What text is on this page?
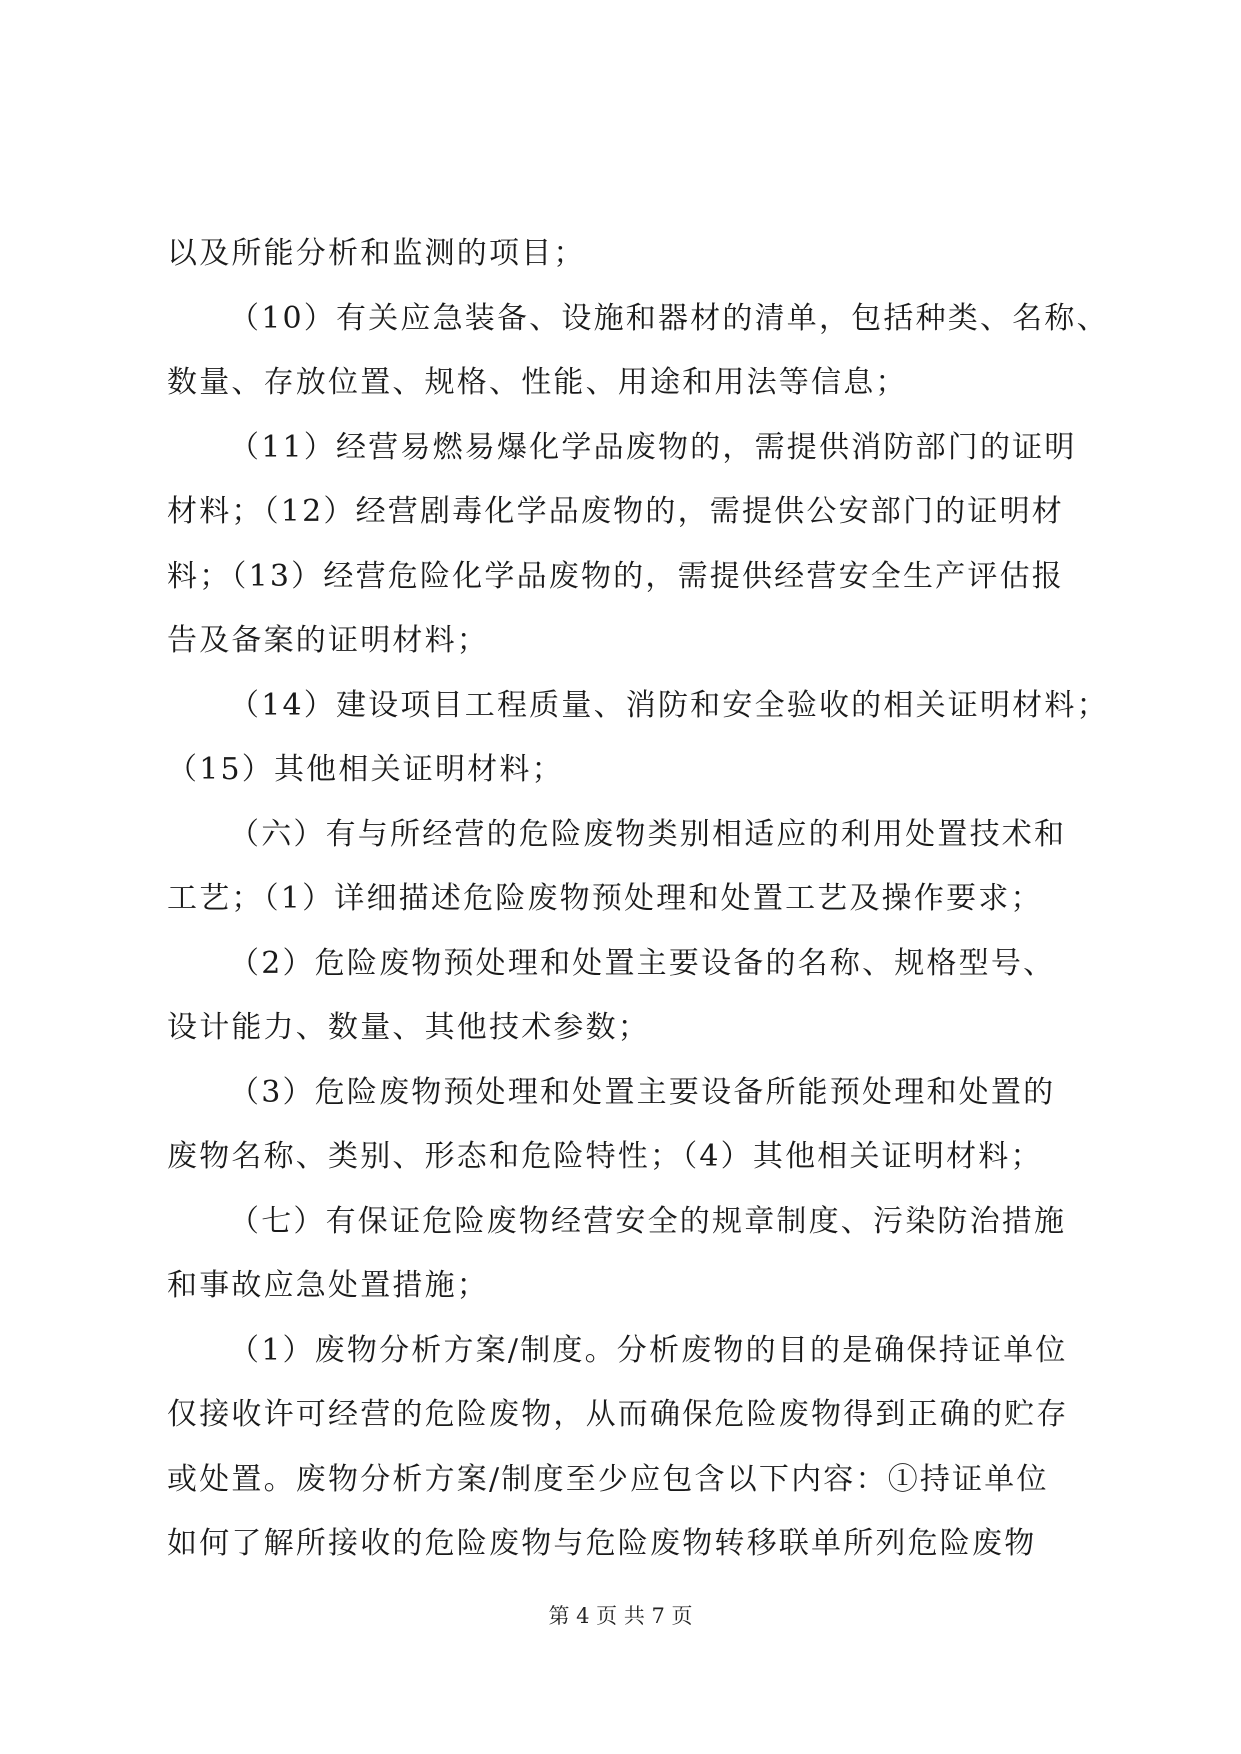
以及所能分析和监测的项目；
（10）有关应急装备、设施和器材的清单，包括种类、名称、
数量、存放位置、规格、性能、用途和用法等信息；
（11）经营易燃易爆化学品废物的，需提供消防部门的证明
材料；（12）经营剧毒化学品废物的，需提供公安部门的证明材
料；（13）经营危险化学品废物的，需提供经营安全生产评估报
告及备案的证明材料；
（14）建设项目工程质量、消防和安全验收的相关证明材料；
（15）其他相关证明材料；
（六）有与所经营的危险废物类别相适应的利用处置技术和
工艺；（1）详细描述危险废物预处理和处置工艺及操作要求；
（2）危险废物预处理和处置主要设备的名称、规格型号、
设计能力、数量、其他技术参数；
（3）危险废物预处理和处置主要设备所能预处理和处置的
废物名称、类别、形态和危险特性；（4）其他相关证明材料；
（七）有保证危险废物经营安全的规章制度、污染防治措施
和事故应急处置措施；
（1）废物分析方案/制度。分析废物的目的是确保持证单位
仅接收许可经营的危险废物，从而确保危险废物得到正确的贮存
或处置。废物分析方案/制度至少应包含以下内容：①持证单位
如何了解所接收的危险废物与危险废物转移联单所列危险废物
第 4 页 共 7 页
